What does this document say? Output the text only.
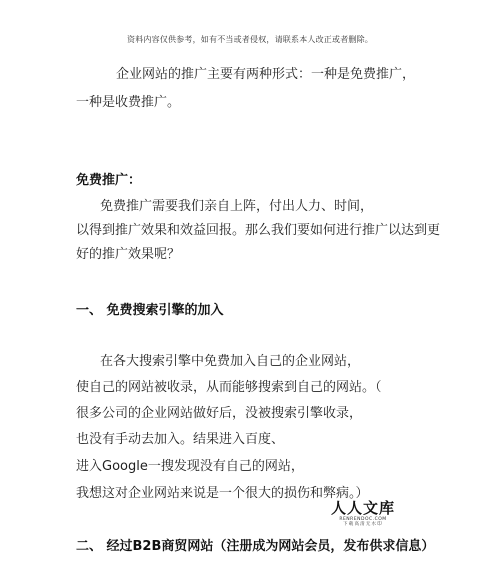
资料内容仅供参考，如有不当或者侵权，请联系本人改正或者删除。
企业网站的推广主要有两种形式：一种是免费推广，
一种是收费推广。
免费推广：
免费推广需要我们亲自上阵，付出人力、时间，
以得到推广效果和效益回报。那么我们要如何进行推广以达到更
好的推广效果呢？
一、 免费搜索引擎的加入
在各大搜索引擎中免费加入自己的企业网站，
使自己的网站被收录，从而能够搜索到自己的网站。（
很多公司的企业网站做好后，没被搜索引擎收录，
也没有手动去加入。结果进入百度、
进入Google一搜发现没有自己的网站，
我想这对企业网站来说是一个很大的损伤和弊病。）
人人文库
RENRENDOC.COM
下载高清无水印
二、 经过B2B商贸网站（注册成为网站会员，发布供求信息）
